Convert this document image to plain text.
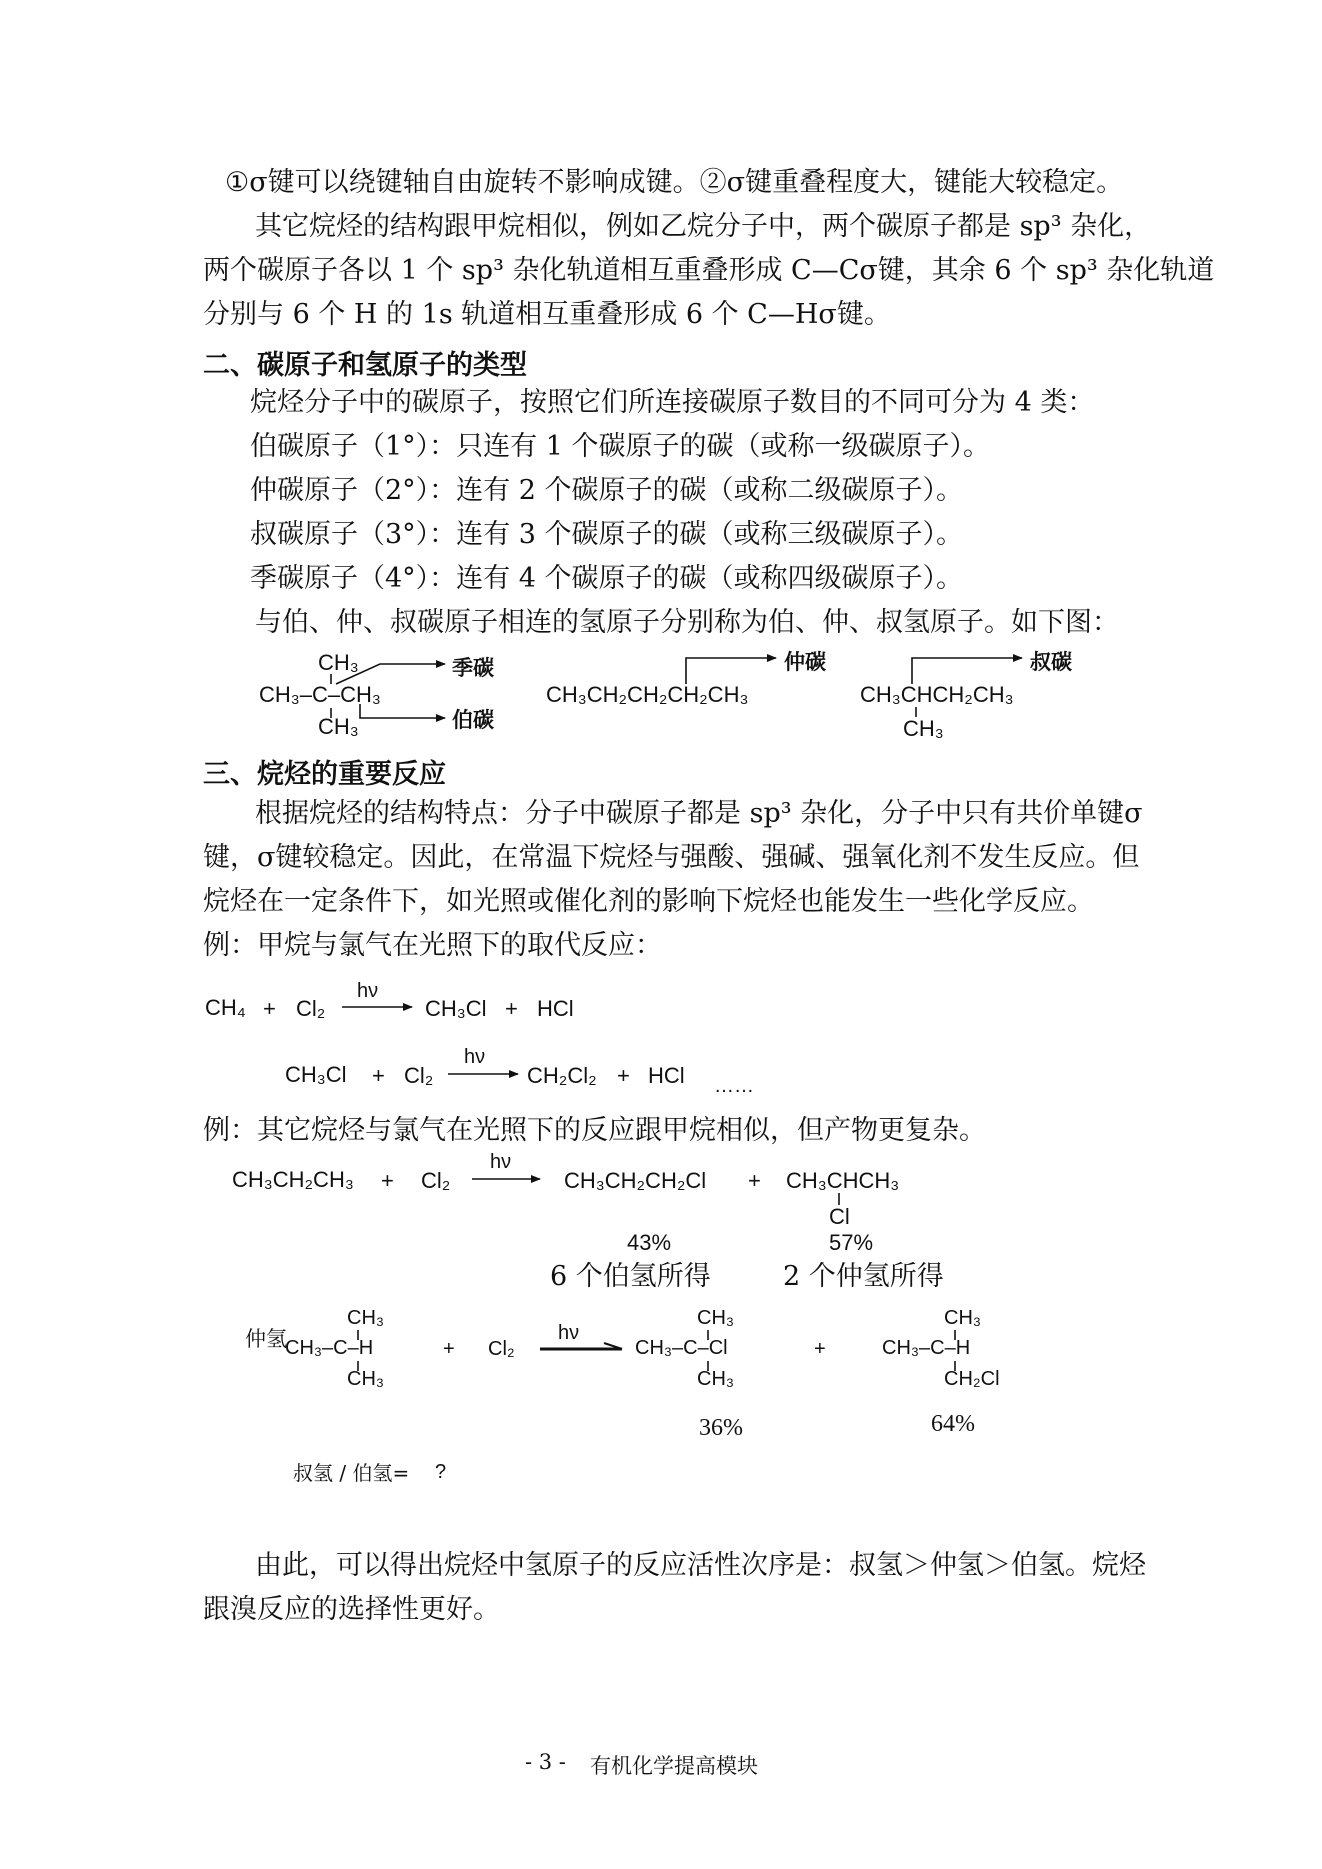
①σ键可以绕键轴自由旋转不影响成键。②σ键重叠程度大，键能大较稳定。
其它烷烃的结构跟甲烷相似，例如乙烷分子中，两个碳原子都是 sp³ 杂化，
两个碳原子各以 1 个 sp³ 杂化轨道相互重叠形成 C—Cσ键，其余 6 个 sp³ 杂化轨道
分别与 6 个 H 的 1s 轨道相互重叠形成 6 个 C—Hσ键。
二、碳原子和氢原子的类型
烷烃分子中的碳原子，按照它们所连接碳原子数目的不同可分为 4 类：
伯碳原子（1°）：只连有 1 个碳原子的碳（或称一级碳原子）。
仲碳原子（2°）：连有 2 个碳原子的碳（或称二级碳原子）。
叔碳原子（3°）：连有 3 个碳原子的碳（或称三级碳原子）。
季碳原子（4°）：连有 4 个碳原子的碳（或称四级碳原子）。
与伯、仲、叔碳原子相连的氢原子分别称为伯、仲、叔氢原子。如下图：
CH₃
CH₃–C–CH₃
CH₃
季碳
伯碳
CH₃CH₂CH₂CH₂CH₃
仲碳
CH₃CHCH₂CH₃
CH₃
叔碳
三、烷烃的重要反应
根据烷烃的结构特点：分子中碳原子都是 sp³ 杂化，分子中只有共价单键σ
键，σ键较稳定。因此，在常温下烷烃与强酸、强碱、强氧化剂不发生反应。但
烷烃在一定条件下，如光照或催化剂的影响下烷烃也能发生一些化学反应。
例：甲烷与氯气在光照下的取代反应：
CH₄ + Cl₂
hν
CH₃Cl + HCl
CH₃Cl + Cl₂
hν
CH₂Cl₂ + HCl ……
例：其它烷烃与氯气在光照下的反应跟甲烷相似，但产物更复杂。
CH₃CH₂CH₃ + Cl₂
hν
CH₃CH₂CH₂Cl + CH₃CHCH₃
Cl
43%	57%
6 个伯氢所得	2 个仲氢所得
仲氢
CH₃
CH₃–C–H
CH₃
+ Cl₂
hν
CH₃
CH₃–C–Cl
CH₃
+
CH₃
CH₃–C–H
CH₂Cl
36%	64%
叔氢 / 伯氢= ?
由此，可以得出烷烃中氢原子的反应活性次序是：叔氢＞仲氢＞伯氢。烷烃
跟溴反应的选择性更好。
- 3 - 有机化学提高模块
